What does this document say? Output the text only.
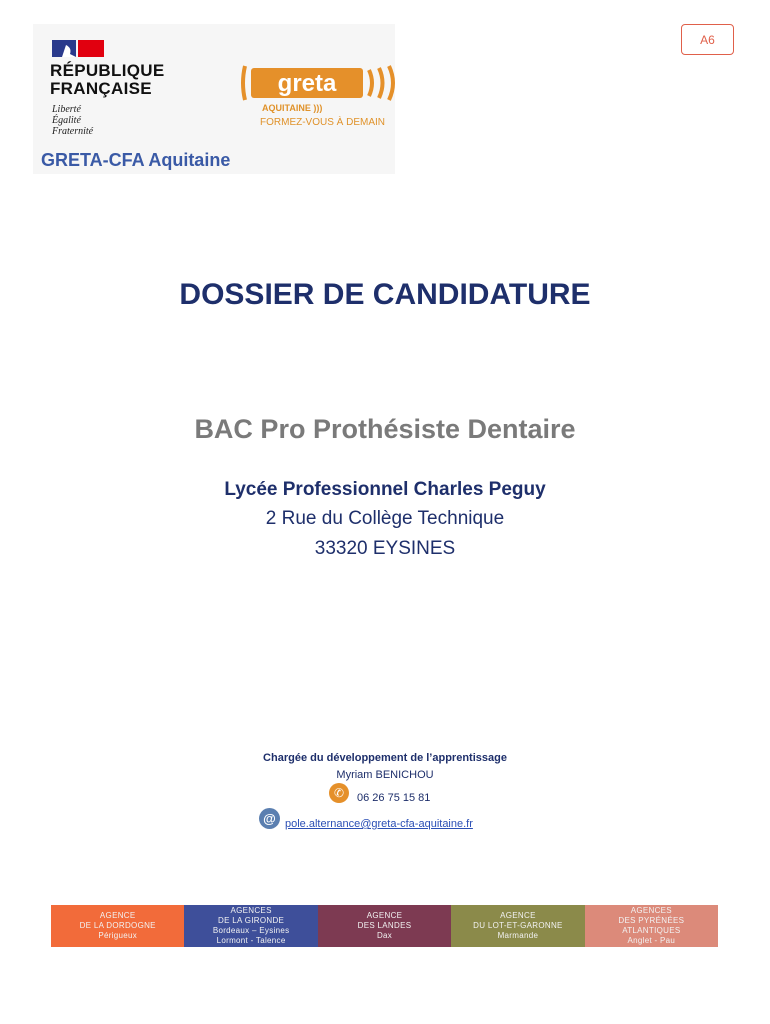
A6
RÉPUBLIQUE
FRANÇAISE
Liberté
Égalité
Fraternité
GRETA-CFA Aquitaine
greta
AQUITAINE )))
FORMEZ-VOUS À DEMAIN
DOSSIER DE CANDIDATURE
BAC Pro Prothésiste Dentaire
Lycée Professionnel Charles Peguy
2 Rue du Collège Technique
33320 EYSINES
Chargée du développement de l’apprentissage
Myriam BENICHOU
✆	06 26 75 15 81
@ pole.alternance@greta-cfa-aquitaine.fr
AGENCE
DE LA DORDOGNE
Périgueux
AGENCES
DE LA GIRONDE
Bordeaux – Eysines
Lormont - Talence
AGENCE
DES LANDES
Dax
AGENCE
DU LOT-ET-GARONNE
Marmande
AGENCES
DES PYRÉNÉES
ATLANTIQUES
Anglet - Pau
